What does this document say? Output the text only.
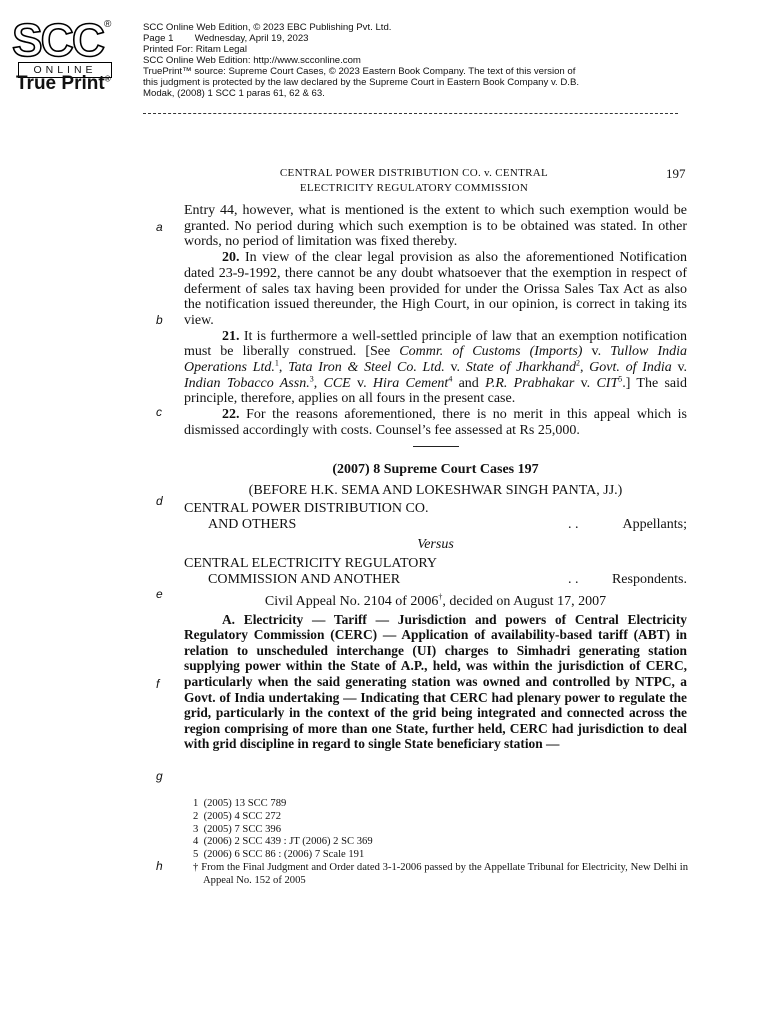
SCC ®
ONLINE
True Print®
SCC Online Web Edition, © 2023 EBC Publishing Pvt. Ltd.
Page 1        Wednesday, April 19, 2023
Printed For: Ritam Legal
SCC Online Web Edition: http://www.scconline.com
TruePrint™ source: Supreme Court Cases, © 2023 Eastern Book Company. The text of this version of
this judgment is protected by the law declared by the Supreme Court in Eastern Book Company v. D.B.
Modak, (2008) 1 SCC 1 paras 61, 62 & 63.
a
b
c
d
e
f
g
h
CENTRAL POWER DISTRIBUTION CO. v. CENTRAL
ELECTRICITY REGULATORY COMMISSION
197

Entry 44, however, what is mentioned is the extent to which such exemption would be granted. No period during which such exemption is to be obtained was stated. In other words, no period of limitation was fixed thereby.

20. In view of the clear legal provision as also the aforementioned Notification dated 23-9-1992, there cannot be any doubt whatsoever that the exemption in respect of deferment of sales tax having been provided for under the Orissa Sales Tax Act as also the notification issued thereunder, the High Court, in our opinion, is correct in taking its view.

21. It is furthermore a well-settled principle of law that an exemption notification must be liberally construed. [See Commr. of Customs (Imports) v. Tullow India Operations Ltd.$^1$, Tata Iron & Steel Co. Ltd. v. State of Jharkhand$^2$, Govt. of India v. Indian Tobacco Assn.$^3$, CCE v. Hira Cement$^4$ and P.R. Prabhakar v. CIT$^5$.] The said principle, therefore, applies on all fours in the present case.

22. For the reasons aforementioned, there is no merit in this appeal which is dismissed accordingly with costs. Counsel’s fee assessed at Rs 25,000.

(2007) 8 Supreme Court Cases 197
(BEFORE H.K. SEMA AND LOKESHWAR SINGH PANTA, JJ.)
CENTRAL POWER DISTRIBUTION CO.
AND OTHERS	. .	Appellants;
Versus
CENTRAL ELECTRICITY REGULATORY
COMMISSION AND ANOTHER	. . Respondents.
Civil Appeal No. 2104 of 2006†, decided on August 17, 2007
A. Electricity — Tariff — Jurisdiction and powers of Central Electricity Regulatory Commission (CERC) — Application of availability-based tariff (ABT) in relation to unscheduled interchange (UI) charges to Simhadri generating station supplying power within the State of A.P., held, was within the jurisdiction of CERC, particularly when the said generating station was owned and controlled by NTPC, a Govt. of India undertaking — Indicating that CERC had plenary power to regulate the grid, particularly in the context of the grid being integrated and connected across the region comprising of more than one State, further held, CERC had jurisdiction to deal with grid discipline in regard to single State beneficiary station —
1  (2005) 13 SCC 789
2  (2005) 4 SCC 272
3  (2005) 7 SCC 396
4  (2006) 2 SCC 439 : JT (2006) 2 SC 369
5  (2006) 6 SCC 86 : (2006) 7 Scale 191
† From the Final Judgment and Order dated 3-1-2006 passed by the Appellate Tribunal for Electricity, New Delhi in Appeal No. 152 of 2005
